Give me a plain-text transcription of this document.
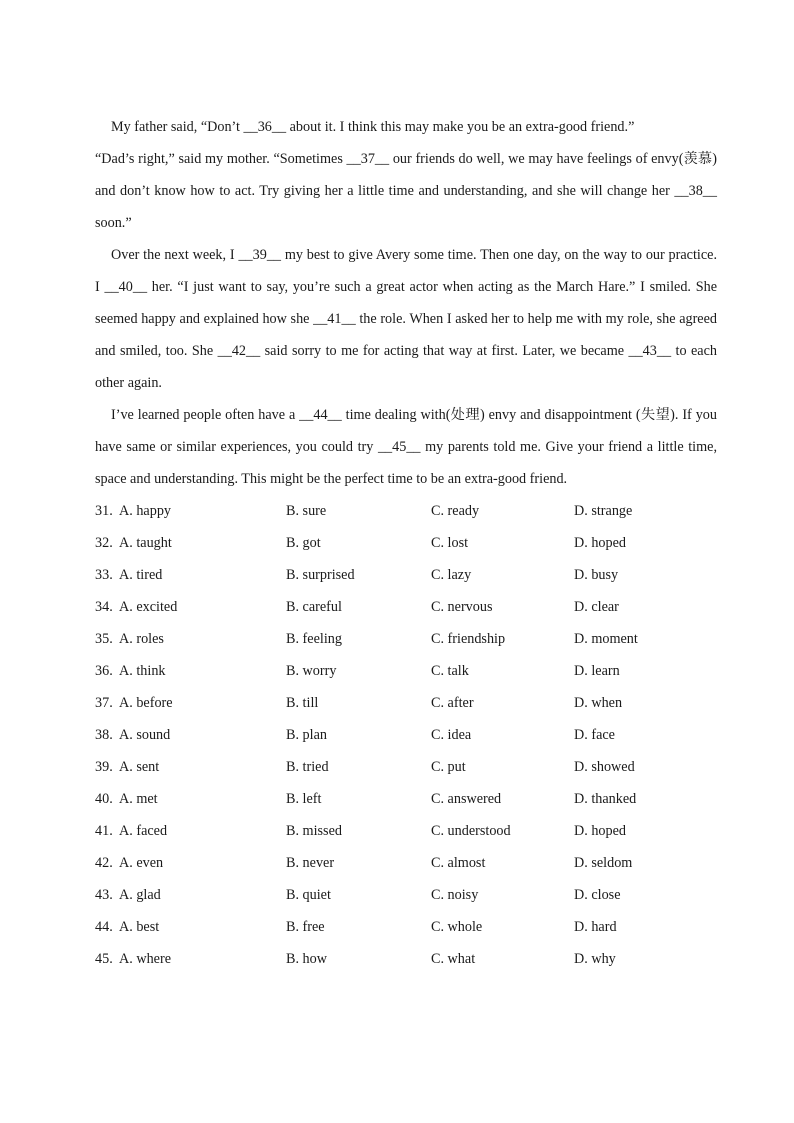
My father said, “Don’t __36__ about it. I think this may make you be an extra-good friend.”

“Dad’s right,” said my mother. “Sometimes __37__ our friends do well, we may have feelings of envy(羡慕) and don’t know how to act. Try giving her a little time and understanding, and she will change her __38__ soon.”

Over the next week, I __39__ my best to give Avery some time. Then one day, on the way to our practice. I __40__ her. “I just want to say, you’re such a great actor when acting as the March Hare.” I smiled. She seemed happy and explained how she __41__ the role. When I asked her to help me with my role, she agreed and smiled, too. She __42__ said sorry to me for acting that way at first. Later, we became __43__ to each other again.

I’ve learned people often have a __44__ time dealing with(处理) envy and disappointment (失望). If you have same or similar experiences, you could try __45__ my parents told me. Give your friend a little time, space and understanding. This might be the perfect time to be an extra-good friend.

31. A. happy	B. sure	C. ready	D. strange
32. A. taught	B. got	C. lost	D. hoped
33. A. tired	B. surprised	C. lazy	D. busy
34. A. excited	B. careful	C. nervous	D. clear
35. A. roles	B. feeling	C. friendship	D. moment
36. A. think	B. worry	C. talk	D. learn
37. A. before	B. till	C. after	D. when
38. A. sound	B. plan	C. idea	D. face
39. A. sent	B. tried	C. put	D. showed
40. A. met	B. left	C. answered	D. thanked
41. A. faced	B. missed	C. understood	D. hoped
42. A. even	B. never	C. almost	D. seldom
43. A. glad	B. quiet	C. noisy	D. close
44. A. best	B. free	C. whole	D. hard
45. A. where	B. how	C. what	D. why
